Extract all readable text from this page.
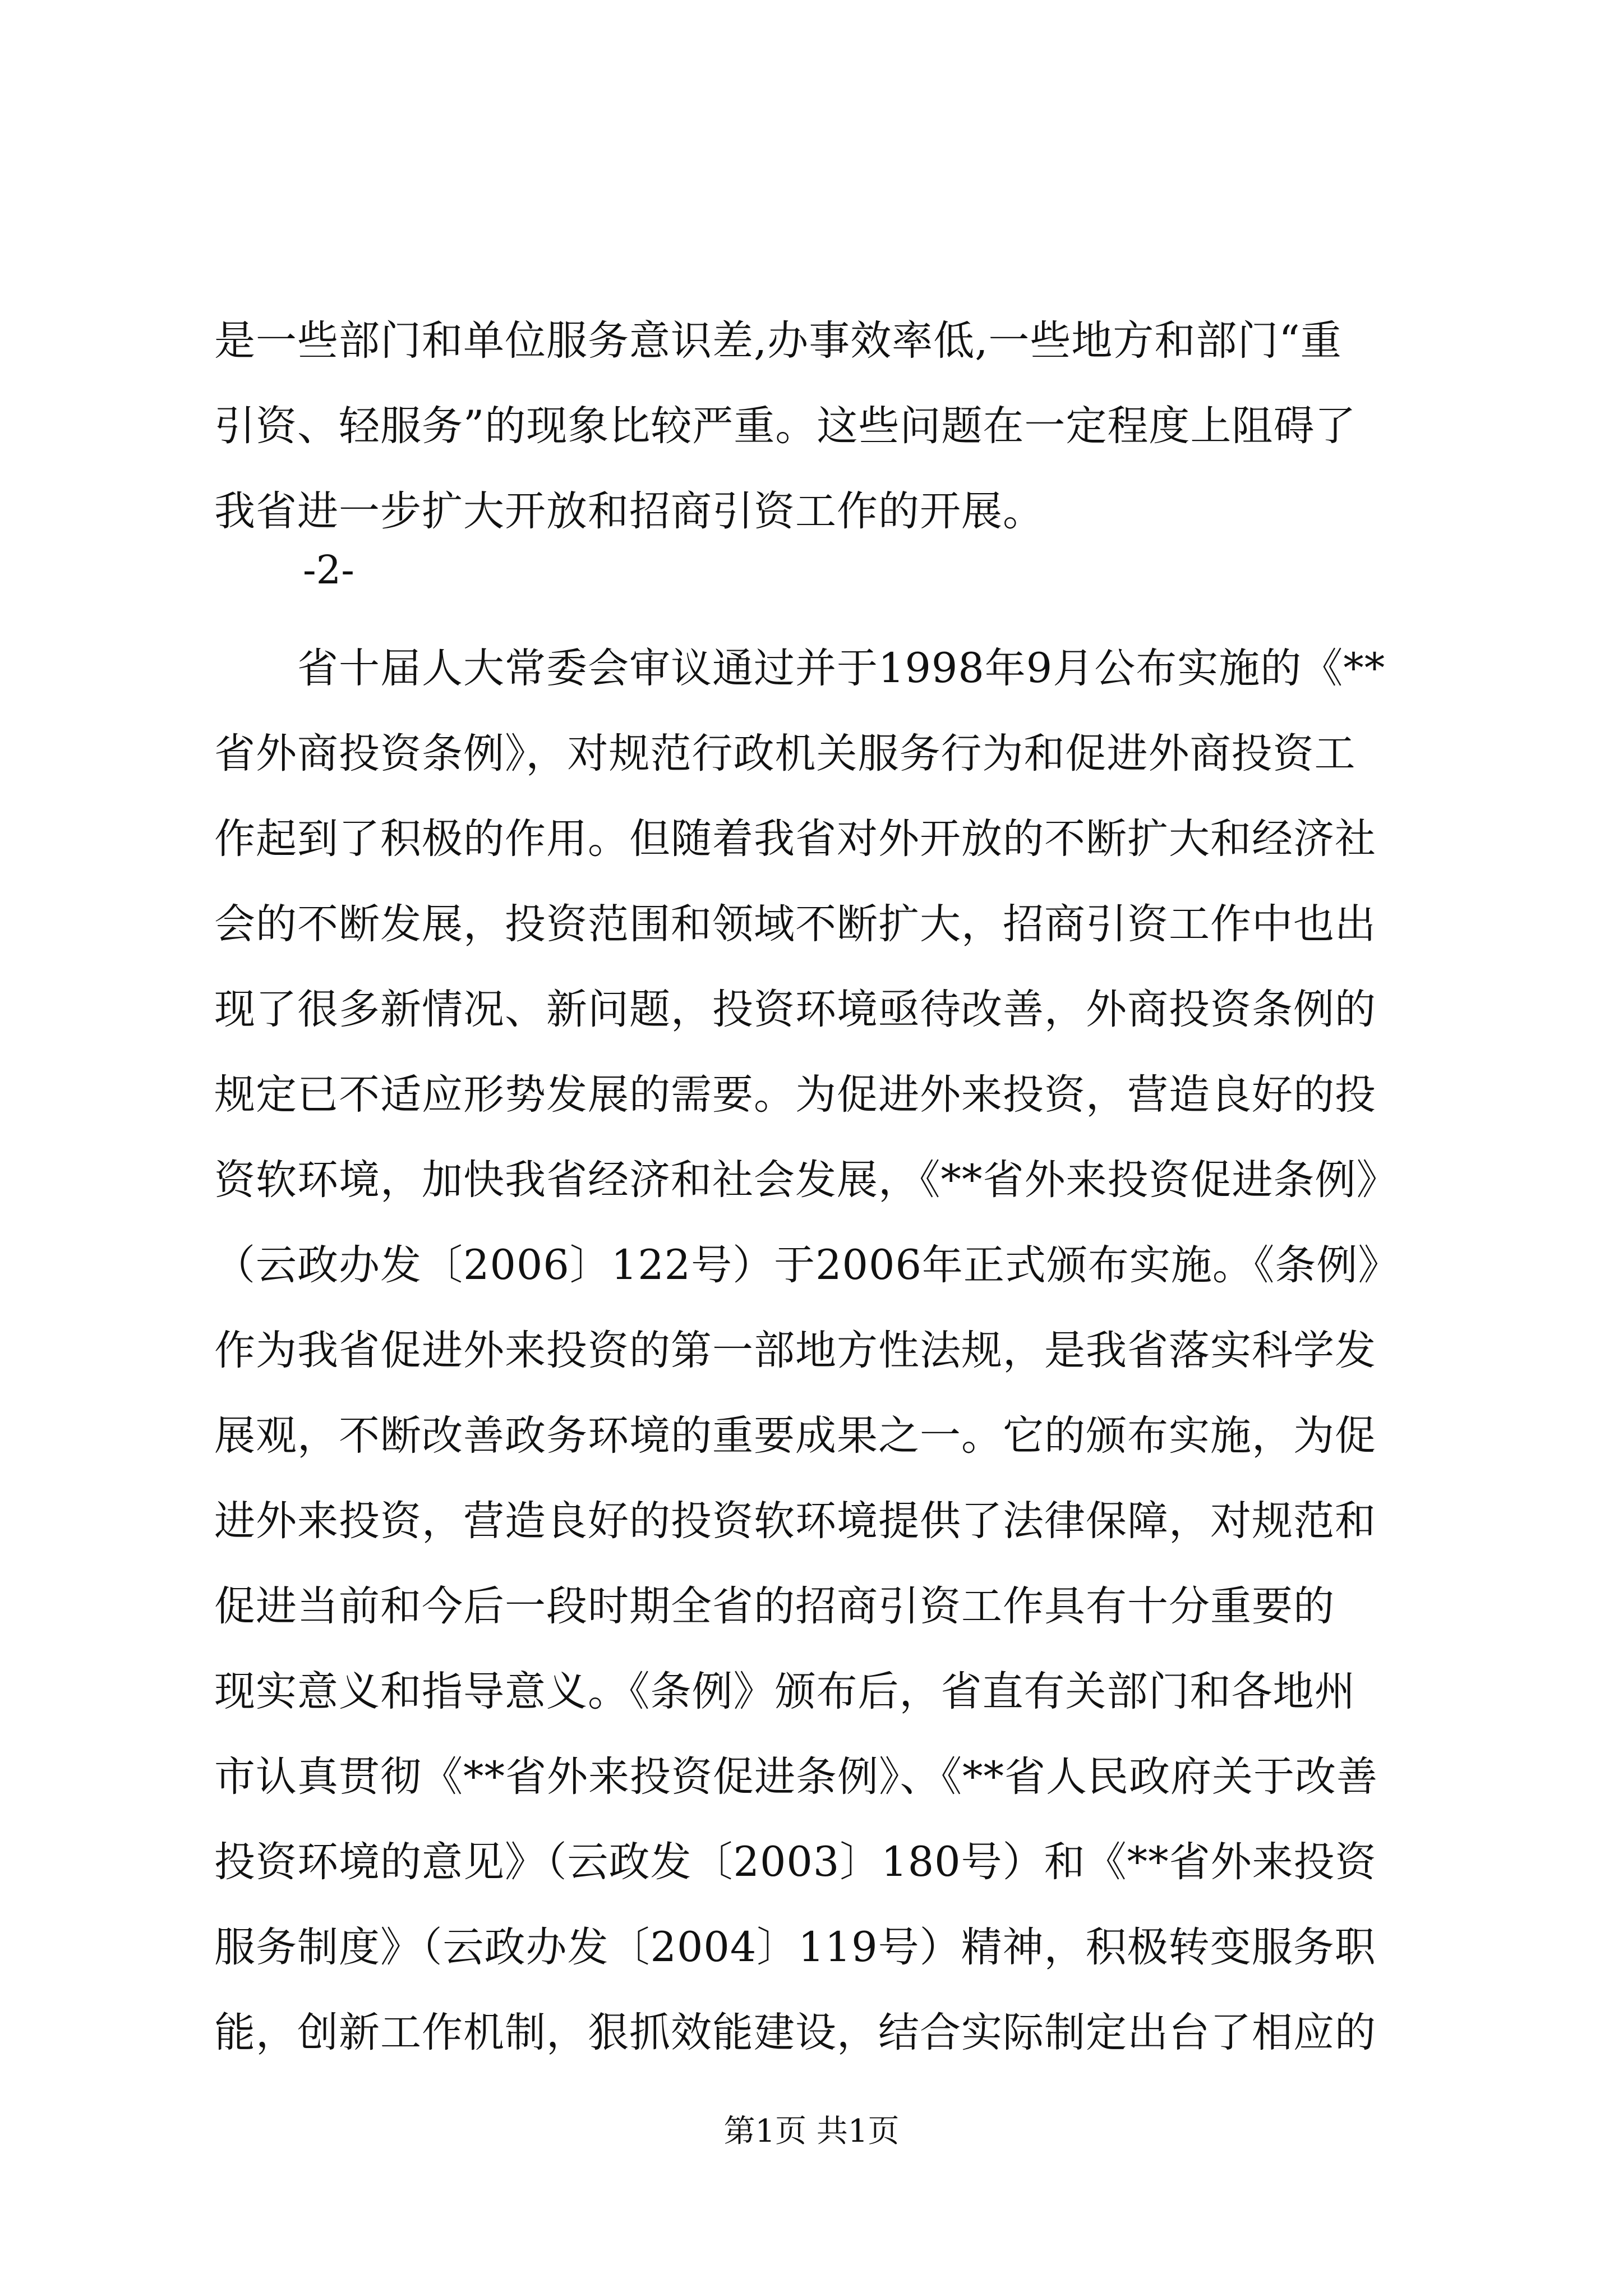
是一些部门和单位服务意识差,办事效率低,一些地方和部门“重
引资、轻服务”的现象比较严重。这些问题在一定程度上阻碍了
我省进一步扩大开放和招商引资工作的开展。
-2-
　　省十届人大常委会审议通过并于1998年9月公布实施的《**
省外商投资条例》，对规范行政机关服务行为和促进外商投资工
作起到了积极的作用。但随着我省对外开放的不断扩大和经济社
会的不断发展，投资范围和领域不断扩大，招商引资工作中也出
现了很多新情况、新问题，投资环境亟待改善，外商投资条例的
规定已不适应形势发展的需要。为促进外来投资，营造良好的投
资软环境，加快我省经济和社会发展，《**省外来投资促进条例》
（云政办发〔2006〕122号）于2006年正式颁布实施。《条例》
作为我省促进外来投资的第一部地方性法规，是我省落实科学发
展观，不断改善政务环境的重要成果之一。它的颁布实施，为促
进外来投资，营造良好的投资软环境提供了法律保障，对规范和
促进当前和今后一段时期全省的招商引资工作具有十分重要的
现实意义和指导意义。《条例》颁布后，省直有关部门和各地州
市认真贯彻《**省外来投资促进条例》、《**省人民政府关于改善
投资环境的意见》（云政发〔2003〕180号）和《**省外来投资
服务制度》（云政办发〔2004〕119号）精神，积极转变服务职
能，创新工作机制，狠抓效能建设，结合实际制定出台了相应的
第1页 共1页
